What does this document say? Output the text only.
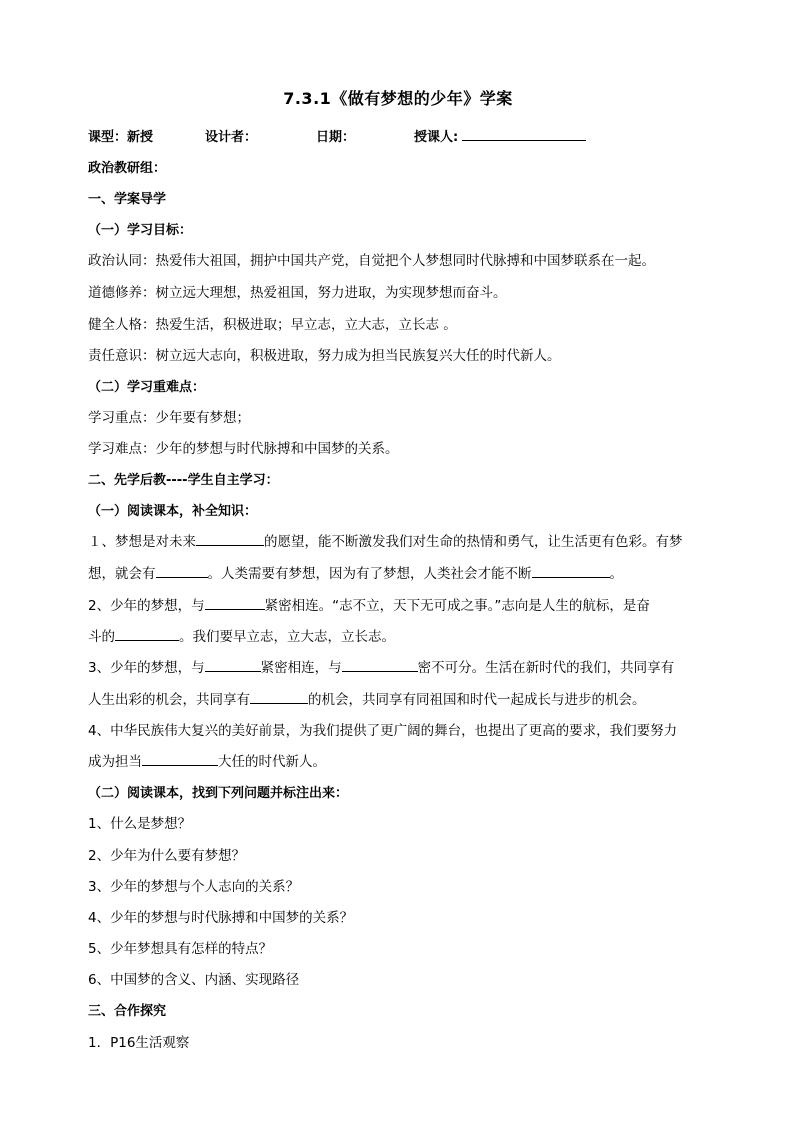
7.3.1《做有梦想的少年》学案
课型：新授	设计者：	日期：	授课人:
政治教研组：
一、学案导学
（一）学习目标：
政治认同：热爱伟大祖国，拥护中国共产党，自觉把个人梦想同时代脉搏和中国梦联系在一起。
道德修养：树立远大理想，热爱祖国，努力进取，为实现梦想而奋斗。
健全人格：热爱生活，积极进取；早立志，立大志，立长志 。
责任意识：树立远大志向，积极进取，努力成为担当民族复兴大任的时代新人。
（二）学习重难点：
学习重点：少年要有梦想；
学习难点：少年的梦想与时代脉搏和中国梦的关系。
二、先学后教----学生自主学习：
（一）阅读课本，补全知识：
１、梦想是对未来	的愿望，能不断激发我们对生命的热情和勇气，让生活更有色彩。有梦
想，就会有	。人类需要有梦想，因为有了梦想，人类社会才能不断	。
2、少年的梦想，与	紧密相连。“志不立，天下无可成之事。”志向是人生的航标，是奋
斗的	。我们要早立志，立大志，立长志。
3、少年的梦想，与	紧密相连，与	密不可分。生活在新时代的我们，共同享有
人生出彩的机会，共同享有	的机会，共同享有同祖国和时代一起成长与进步的机会。
4、中华民族伟大复兴的美好前景，为我们提供了更广阔的舞台，也提出了更高的要求，我们要努力
成为担当	大任的时代新人。
（二）阅读课本，找到下列问题并标注出来：
1、什么是梦想？
2、少年为什么要有梦想？
3、少年的梦想与个人志向的关系？
4、少年的梦想与时代脉搏和中国梦的关系？
5、少年梦想具有怎样的特点？
6、中国梦的含义、内涵、实现路径
三、合作探究
1．P16生活观察
